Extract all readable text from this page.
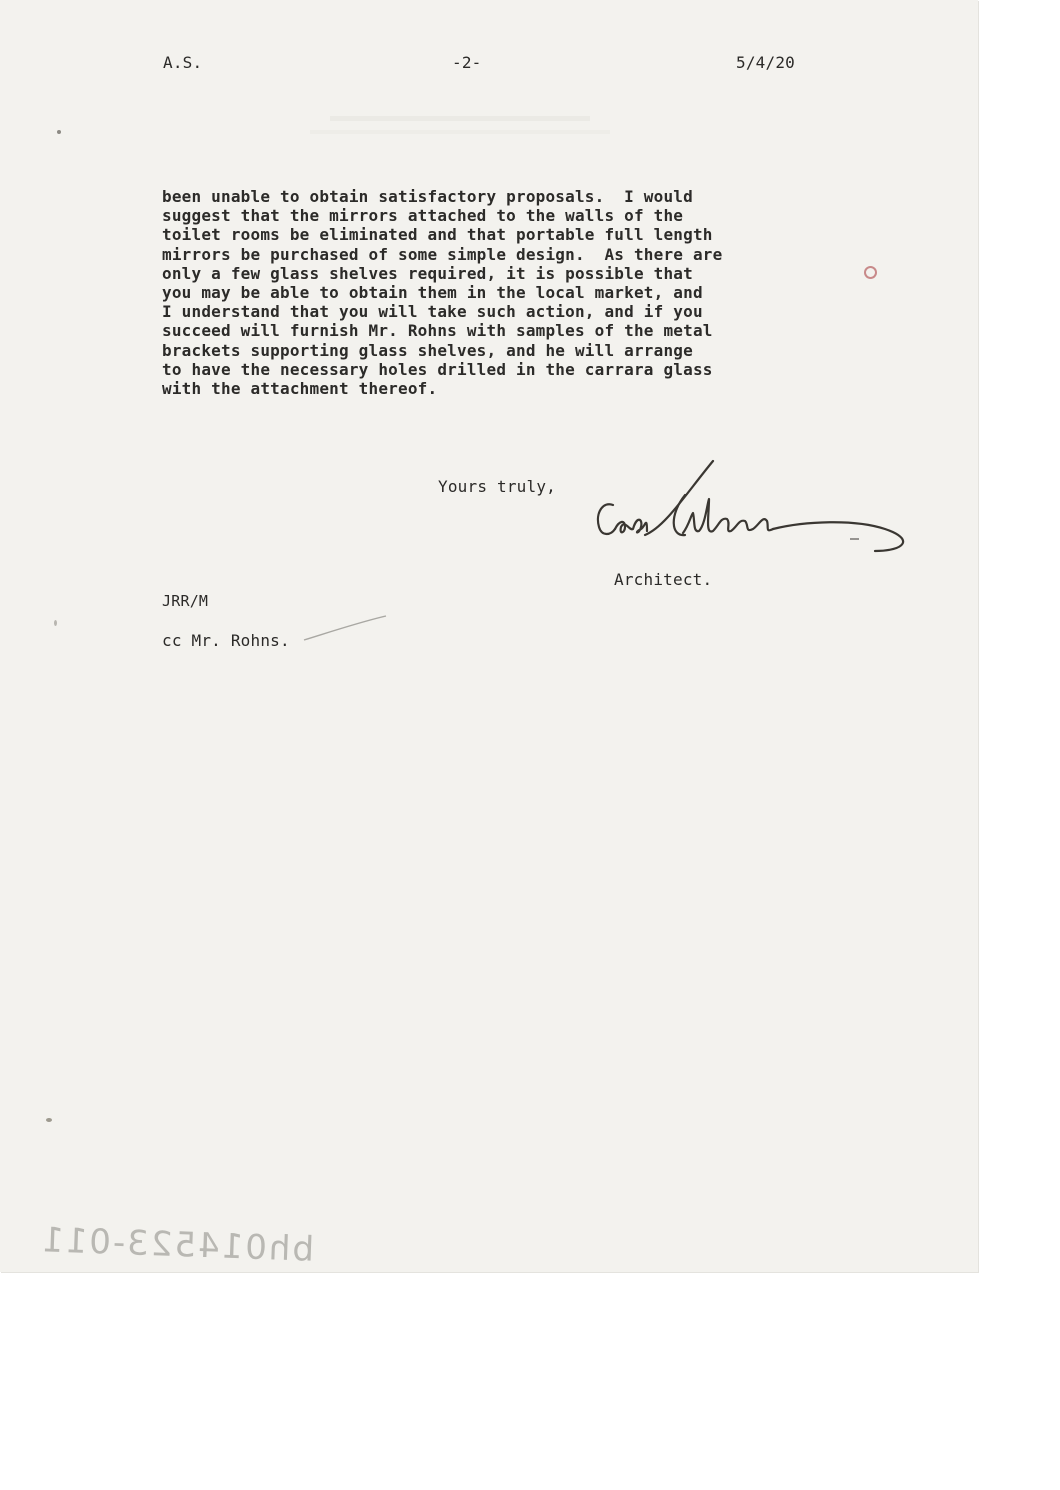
A.S.	-2-	5/4/20
been unable to obtain satisfactory proposals.  I would
suggest that the mirrors attached to the walls of the
toilet rooms be eliminated and that portable full length
mirrors be purchased of some simple design.  As there are
only a few glass shelves required, it is possible that
you may be able to obtain them in the local market, and
I understand that you will take such action, and if you
succeed will furnish Mr. Rohns with samples of the metal
brackets supporting glass shelves, and he will arrange
to have the necessary holes drilled in the carrara glass
with the attachment thereof.
Yours truly,
Architect.
JRR/M
cc Mr. Rohns.
bh014523-011
